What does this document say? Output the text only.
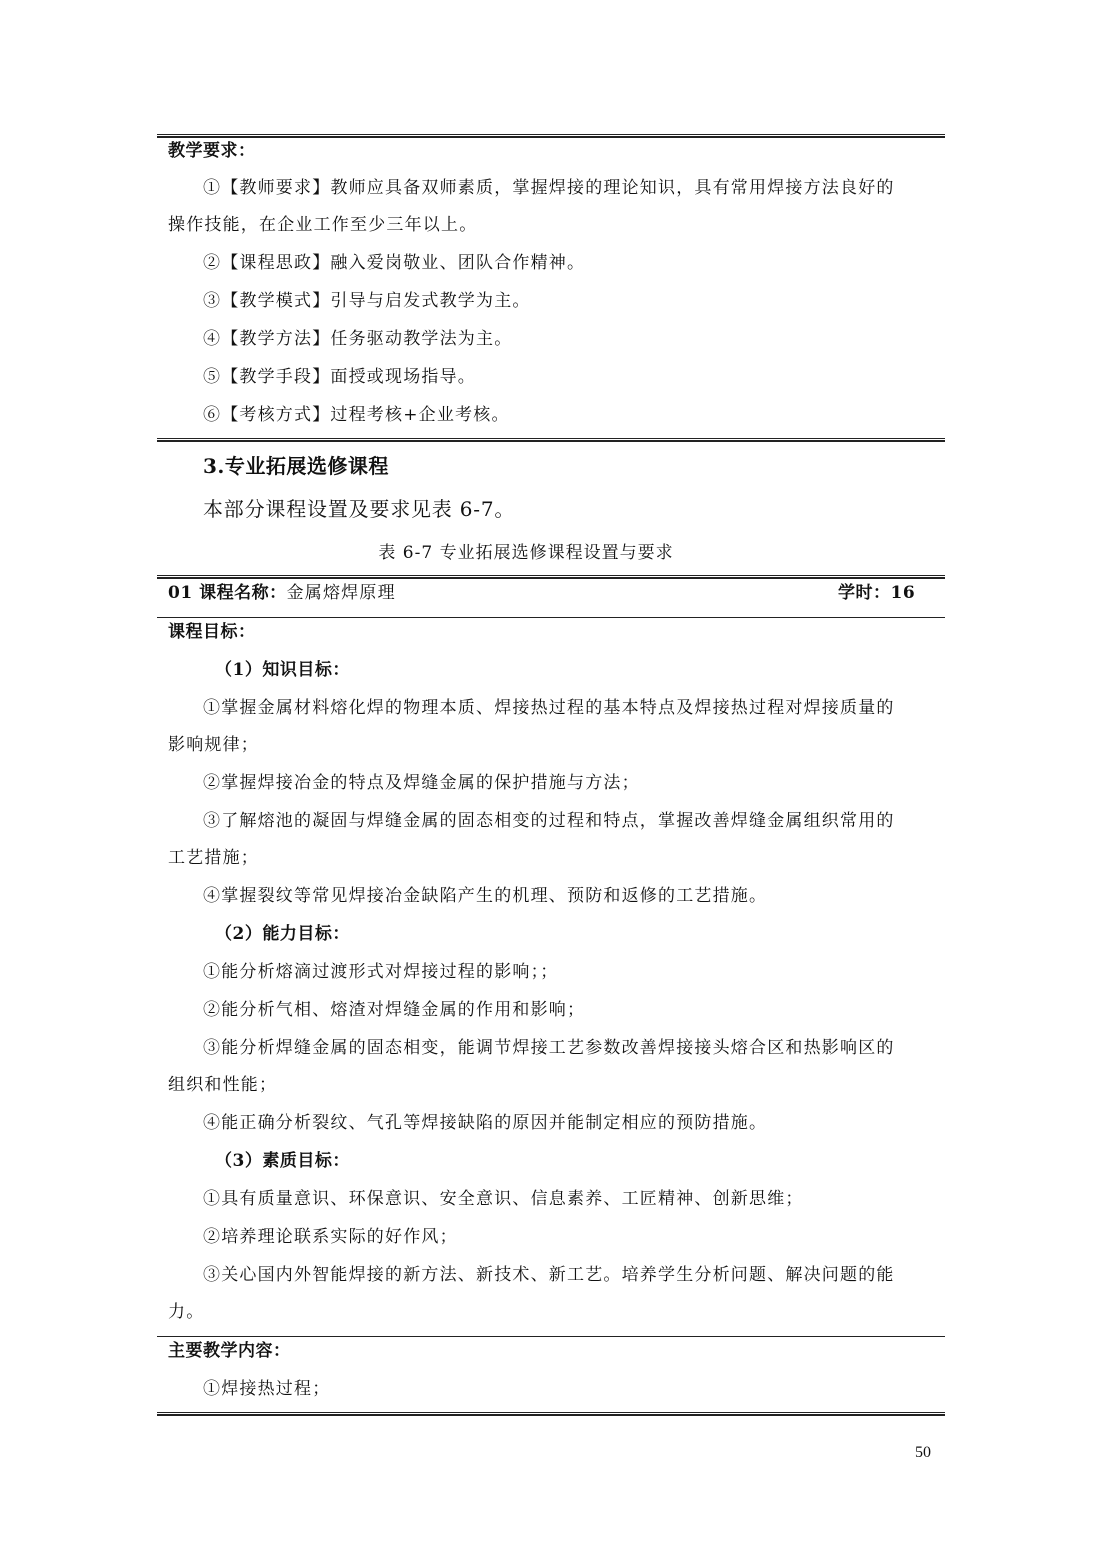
教学要求：
①【教师要求】教师应具备双师素质，掌握焊接的理论知识，具有常用焊接方法良好的
操作技能，在企业工作至少三年以上。
②【课程思政】融入爱岗敬业、团队合作精神。
③【教学模式】引导与启发式教学为主。
④【教学方法】任务驱动教学法为主。
⑤【教学手段】面授或现场指导。
⑥【考核方式】过程考核+企业考核。
3.专业拓展选修课程
本部分课程设置及要求见表 6-7。
表 6-7 专业拓展选修课程设置与要求
01 课程名称：金属熔焊原理	学时：16
课程目标：
（1）知识目标：
①掌握金属材料熔化焊的物理本质、焊接热过程的基本特点及焊接热过程对焊接质量的
影响规律；
②掌握焊接冶金的特点及焊缝金属的保护措施与方法；
③了解熔池的凝固与焊缝金属的固态相变的过程和特点，掌握改善焊缝金属组织常用的
工艺措施；
④掌握裂纹等常见焊接冶金缺陷产生的机理、预防和返修的工艺措施。
（2）能力目标：
①能分析熔滴过渡形式对焊接过程的影响；；
②能分析气相、熔渣对焊缝金属的作用和影响；
③能分析焊缝金属的固态相变，能调节焊接工艺参数改善焊接接头熔合区和热影响区的
组织和性能；
④能正确分析裂纹、气孔等焊接缺陷的原因并能制定相应的预防措施。
（3）素质目标：
①具有质量意识、环保意识、安全意识、信息素养、工匠精神、创新思维；
②培养理论联系实际的好作风；
③关心国内外智能焊接的新方法、新技术、新工艺。培养学生分析问题、解决问题的能
力。
主要教学内容：
①焊接热过程；
50
